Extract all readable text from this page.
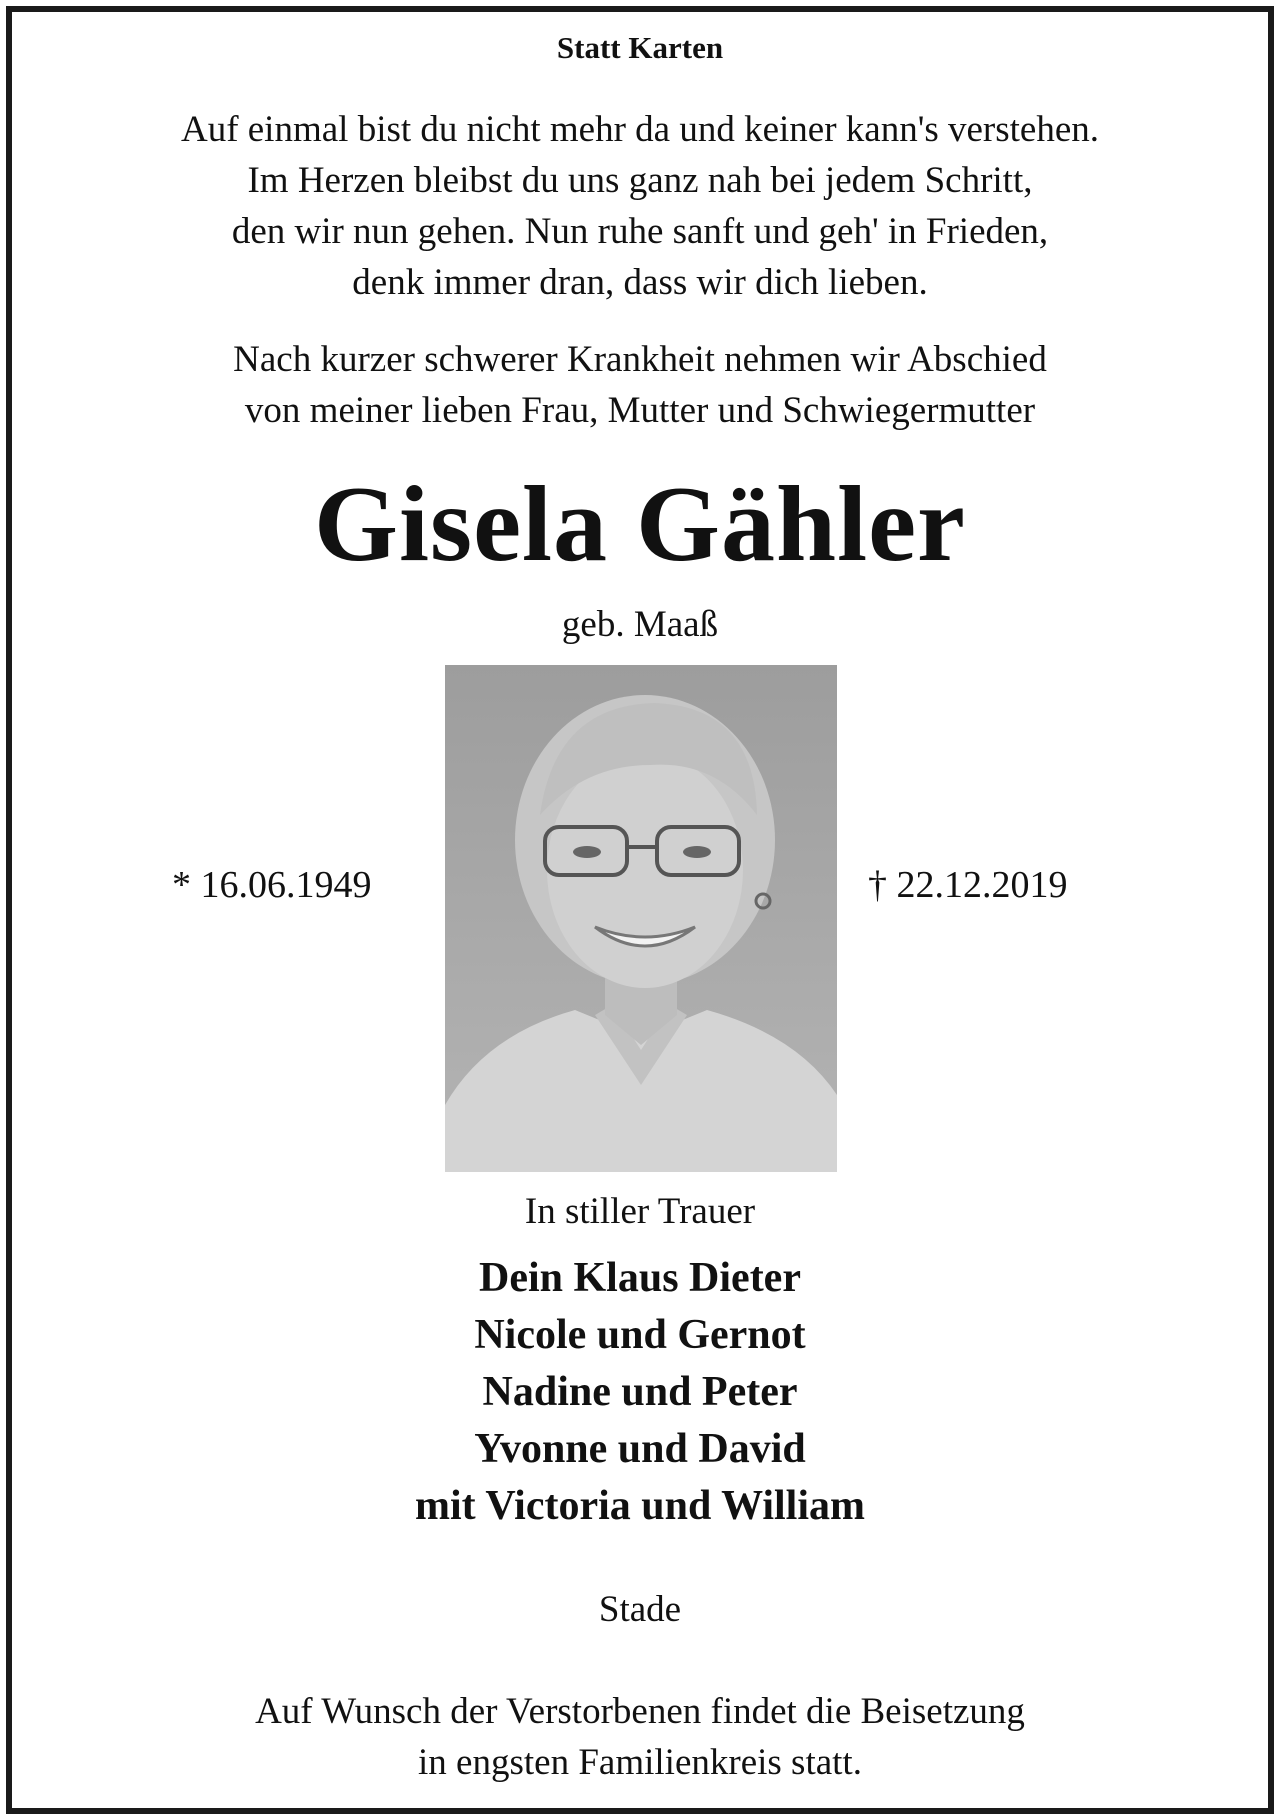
Statt Karten
Auf einmal bist du nicht mehr da und keiner kann's verstehen.
Im Herzen bleibst du uns ganz nah bei jedem Schritt,
den wir nun gehen. Nun ruhe sanft und geh' in Frieden,
denk immer dran, dass wir dich lieben.
Nach kurzer schwerer Krankheit nehmen wir Abschied
von meiner lieben Frau, Mutter und Schwiegermutter
Gisela Gähler
geb. Maaß
* 16.06.1949	† 22.12.2019
In stiller Trauer
Dein Klaus Dieter
Nicole und Gernot
Nadine und Peter
Yvonne und David
mit Victoria und William
Stade
Auf Wunsch der Verstorbenen findet die Beisetzung
in engsten Familienkreis statt.
